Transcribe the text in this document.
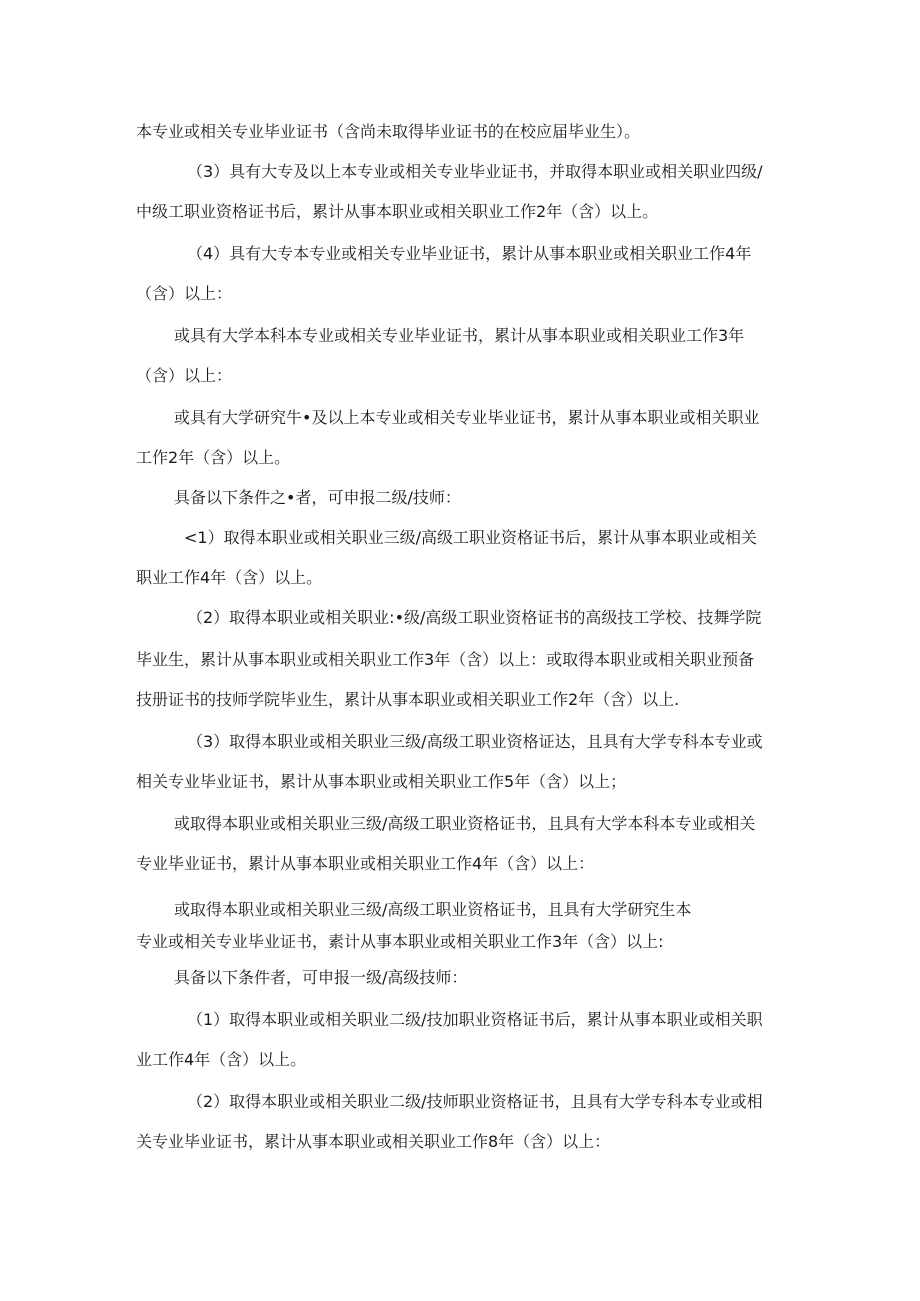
本专业或相关专业毕业证书（含尚未取得毕业证书的在校应届毕业生）。
（3）具有大专及以上本专业或相关专业毕业证书，并取得本职业或相关职业四级/
中级工职业资格证书后，累计从事本职业或相关职业工作2年（含）以上。
（4）具有大专本专业或相关专业毕业证书，累计从事本职业或相关职业工作4年
（含）以上：
或具有大学本科本专业或相关专业毕业证书，累计从事本职业或相关职业工作3年
（含）以上：
或具有大学研究牛•及以上本专业或相关专业毕业证书，累计从事本职业或相关职业
工作2年（含）以上。
具备以下条件之•者，可申报二级/技师：
<1）取得本职业或相关职业三级/高级工职业资格证书后，累计从事本职业或相关
职业工作4年（含）以上。
（2）取得本职业或相关职业:•级/高级工职业资格证书的高级技工学校、技舞学院
毕业生，累计从事本职业或相关职业工作3年（含）以上：或取得本职业或相关职业预备
技册证书的技师学院毕业生，累计从事本职业或相关职业工作2年（含）以上.
（3）取得本职业或相关职业三级/高级工职业资格证达，且具有大学专科本专业或
相关专业毕业证书，累计从事本职业或相关职业工作5年（含）以上；
或取得本职业或相关职业三级/高级工职业资格证书，且具有大学本科本专业或相关
专业毕业证书，累计从事本职业或相关职业工作4年（含）以上：
或取得本职业或相关职业三级/高级工职业资格证书，且具有大学研究生本
专业或相关专业毕业证书，素计从事本职业或相关职业工作3年（含）以上:
具备以下条件者，可申报一级/高级技师：
（1）取得本职业或相关职业二级/技加职业资格证书后，累计从事本职业或相关职
业工作4年（含）以上。
（2）取得本职业或相关职业二级/技师职业资格证书，且具有大学专科本专业或相
关专业毕业证书，累计从事本职业或相关职业工作8年（含）以上：
